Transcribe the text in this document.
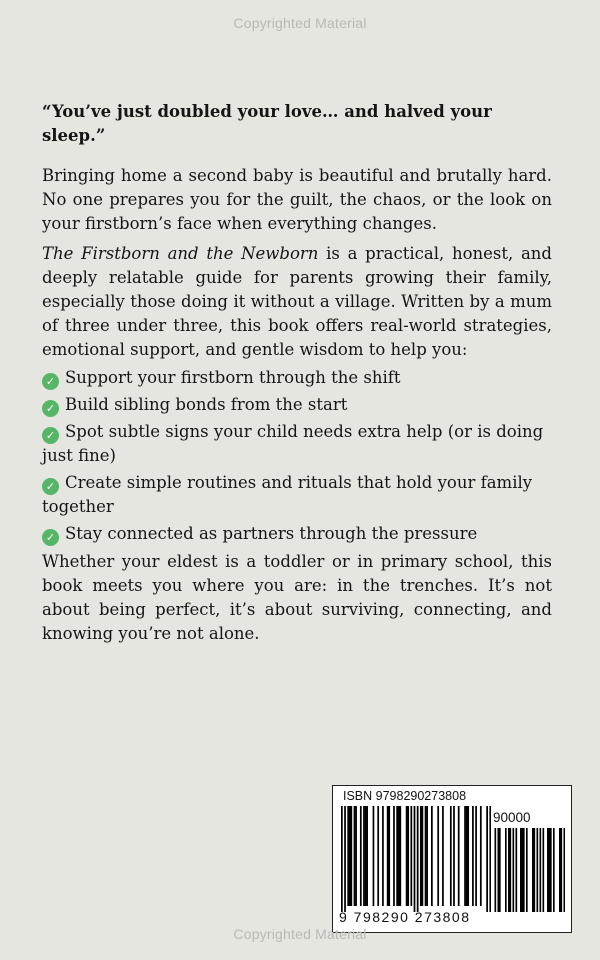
Copyrighted Material
“You’ve just doubled your love… and halved your sleep.”

Bringing home a second baby is beautiful and brutally hard. No one prepares you for the guilt, the chaos, or the look on your firstborn’s face when everything changes.

The Firstborn and the Newborn is a practical, honest, and deeply relatable guide for parents growing their family, especially those doing it without a village. Written by a mum of three under three, this book offers real-world strategies, emotional support, and gentle wisdom to help you:

✓ Support your firstborn through the shift
✓ Build sibling bonds from the start
✓ Spot subtle signs your child needs extra help (or is doing just fine)
✓ Create simple routines and rituals that hold your family together
✓ Stay connected as partners through the pressure

Whether your eldest is a toddler or in primary school, this book meets you where you are: in the trenches. It’s not about being perfect, it’s about surviving, connecting, and knowing you’re not alone.

ISBN 9798290273808
90000
9 798290 273808
Copyrighted Material
